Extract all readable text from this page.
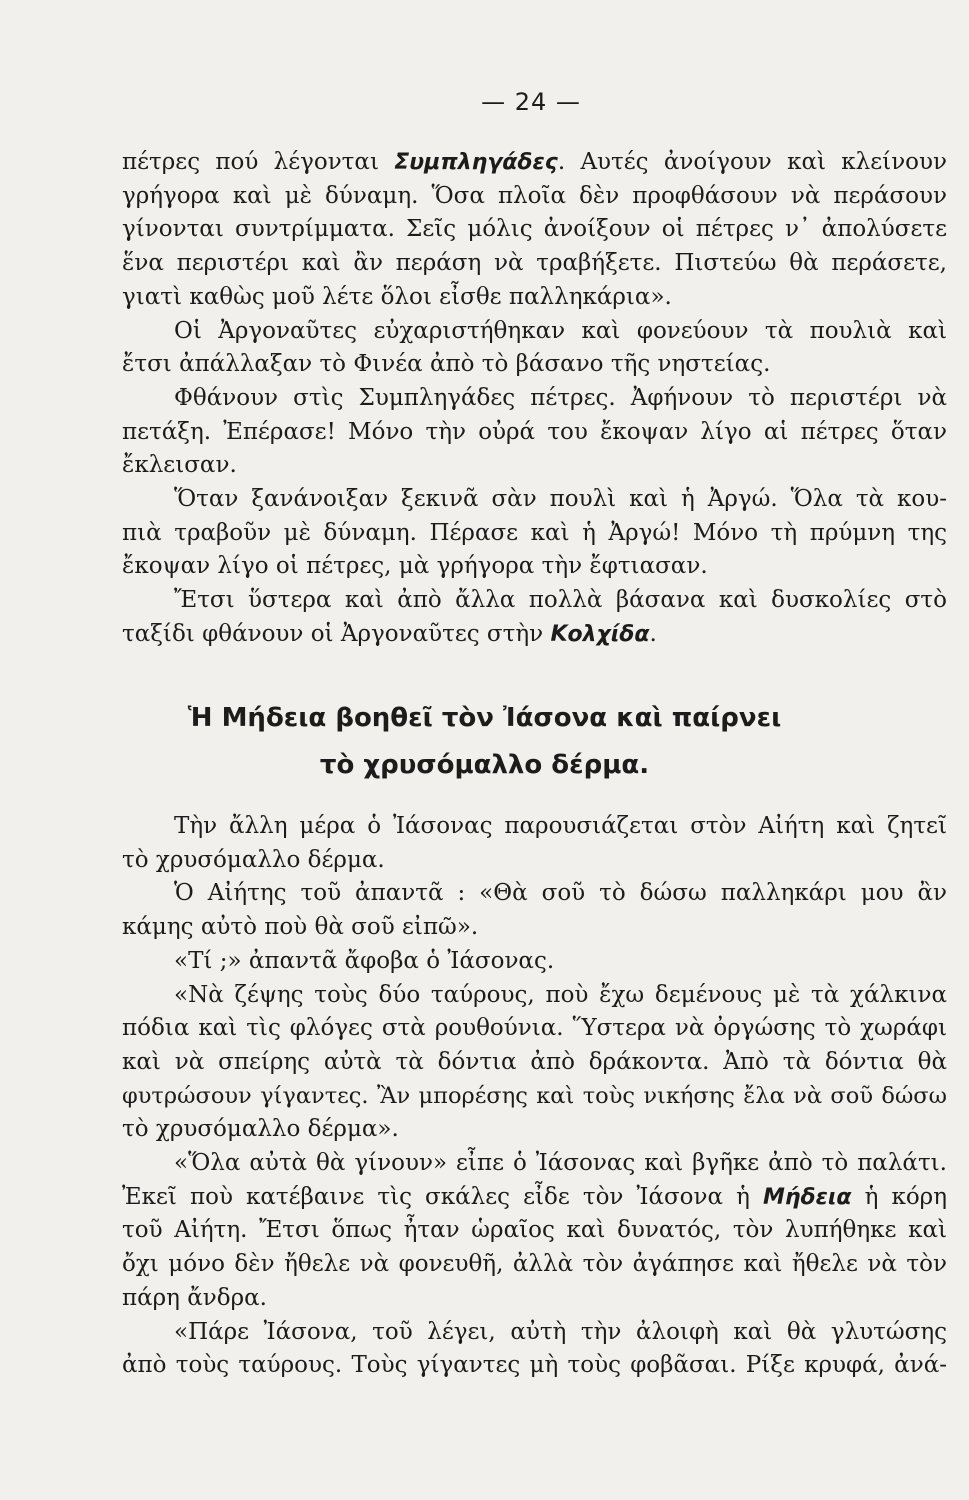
— 24 —

πέτρες πού λέγονται Συμπληγάδες. Αυτές ἀνοίγουν καὶ κλείνουν

γρήγορα καὶ μὲ δύναμη. Ὅσα πλοῖα δὲν προφθάσουν νὰ περάσουν

γίνονται συντρίμματα. Σεῖς μόλις ἀνοίξουν οἱ πέτρες ν᾽ ἀπολύσετε

ἕνα περιστέρι καὶ ἂν περάση νὰ τραβήξετε. Πιστεύω θὰ περάσετε,

γιατὶ καθὼς μοῦ λέτε ὅλοι εἶσθε παλληκάρια».

Οἱ Ἀργοναῦτες εὐχαριστήθηκαν καὶ φονεύουν τὰ πουλιὰ καὶ

ἔτσι ἀπάλλαξαν τὸ Φινέα ἀπὸ τὸ βάσανο τῆς νηστείας.

Φθάνουν στὶς Συμπληγάδες πέτρες. Ἀφήνουν τὸ περιστέρι νὰ

πετάξη. Ἐπέρασε! Μόνο τὴν οὐρά του ἔκοψαν λίγο αἱ πέτρες ὅταν

ἔκλεισαν.

Ὅταν ξανάνοιξαν ξεκινᾶ σὰν πουλὶ καὶ ἡ Ἀργώ. Ὅλα τὰ κου-

πιὰ τραβοῦν μὲ δύναμη. Πέρασε καὶ ἡ Ἀργώ! Μόνο τὴ πρύμνη της

ἔκοψαν λίγο οἱ πέτρες, μὰ γρήγορα τὴν ἔφτιασαν.

Ἔτσι ὕστερα καὶ ἀπὸ ἄλλα πολλὰ βάσανα καὶ δυσκολίες στὸ

ταξίδι φθάνουν οἱ Ἀργοναῦτες στὴν Κολχίδα.

Ἡ Μήδεια βοηθεῖ τὸν Ἰάσονα καὶ παίρνει
τὸ χρυσόμαλλο δέρμα.

Τὴν ἄλλη μέρα ὁ Ἰάσονας παρουσιάζεται στὸν Αἰήτη καὶ ζητεῖ

τὸ χρυσόμαλλο δέρμα.

Ὁ Αἰήτης τοῦ ἀπαντᾶ : «Θὰ σοῦ τὸ δώσω παλληκάρι μου ἂν

κάμης αὐτὸ ποὺ θὰ σοῦ εἰπῶ».

«Τί ;» ἀπαντᾶ ἄφοβα ὁ Ἰάσονας.

«Νὰ ζέψης τοὺς δύο ταύρους, ποὺ ἔχω δεμένους μὲ τὰ χάλκινα

πόδια καὶ τὶς φλόγες στὰ ρουθούνια. Ὕστερα νὰ ὀργώσης τὸ χωράφι

καὶ νὰ σπείρης αὐτὰ τὰ δόντια ἀπὸ δράκοντα. Ἀπὸ τὰ δόντια θὰ

φυτρώσουν γίγαντες. Ἂν μπορέσης καὶ τοὺς νικήσης ἔλα νὰ σοῦ δώσω

τὸ χρυσόμαλλο δέρμα».

«Ὅλα αὐτὰ θὰ γίνουν» εἶπε ὁ Ἰάσονας καὶ βγῆκε ἀπὸ τὸ παλάτι.

Ἐκεῖ ποὺ κατέβαινε τὶς σκάλες εἶδε τὸν Ἰάσονα ἡ Μήδεια ἡ κόρη

τοῦ Αἰήτη. Ἔτσι ὅπως ἦταν ὡραῖος καὶ δυνατός, τὸν λυπήθηκε καὶ

ὄχι μόνο δὲν ἤθελε νὰ φονευθῆ, ἀλλὰ τὸν ἀγάπησε καὶ ἤθελε νὰ τὸν

πάρη ἄνδρα.

«Πάρε Ἰάσονα, τοῦ λέγει, αὐτὴ τὴν ἀλοιφὴ καὶ θὰ γλυτώσης

ἀπὸ τοὺς ταύρους. Τοὺς γίγαντες μὴ τοὺς φοβᾶσαι. Ρίξε κρυφά, ἀνά-
